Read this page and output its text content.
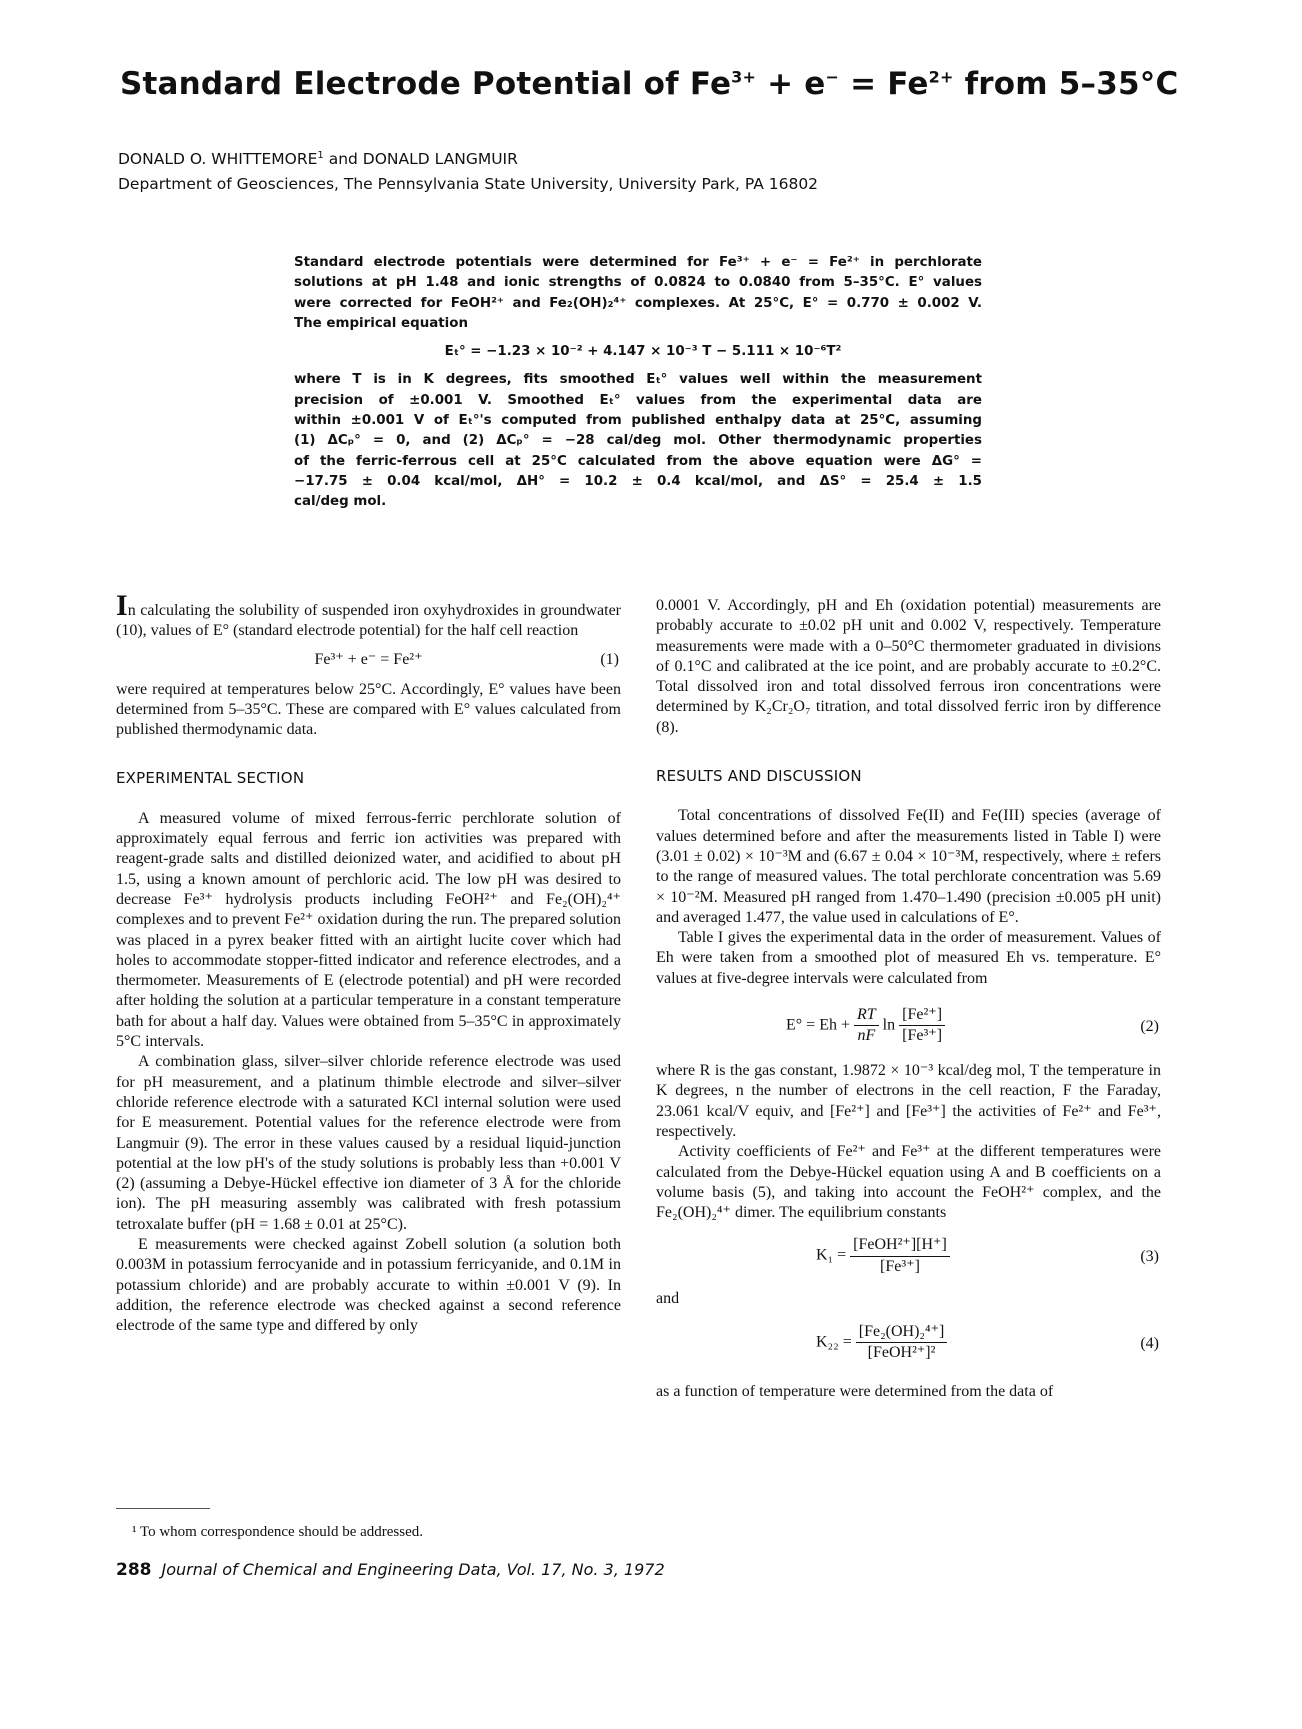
Standard Electrode Potential of $Fe^{3+} + e^- = Fe^{2+}$ from 5–35°C
DONALD O. WHITTEMORE$^1$ and DONALD LANGMUIR
Department of Geosciences, The Pennsylvania State University, University Park, PA 16802
Standard electrode potentials were determined for Fe³⁺ + e⁻ = Fe²⁺ in perchlorate
solutions at pH 1.48 and ionic strengths of 0.0824 to 0.0840 from 5–35°C. E° values
were corrected for FeOH²⁺ and Fe₂(OH)₂⁴⁺ complexes. At 25°C, E° = 0.770 ± 0.002 V.
The empirical equation
Eₜ° = −1.23 × 10⁻² + 4.147 × 10⁻³ T − 5.111 × 10⁻⁶T²
where T is in K degrees, fits smoothed Eₜ° values well within the measurement
precision of ±0.001 V. Smoothed Eₜ° values from the experimental data are
within ±0.001 V of Eₜ°'s computed from published enthalpy data at 25°C, assuming
(1) ΔCₚ° = 0, and (2) ΔCₚ° = −28 cal/deg mol. Other thermodynamic properties
of the ferric-ferrous cell at 25°C calculated from the above equation were ΔG° =
−17.75 ± 0.04 kcal/mol, ΔH° = 10.2 ± 0.4 kcal/mol, and ΔS° = 25.4 ± 1.5
cal/deg mol.

In calculating the solubility of suspended iron oxyhydroxides in groundwater (10), values of E° (standard electrode potential) for the half cell reaction

Fe³⁺ + e⁻ = Fe²⁺	(1)

were required at temperatures below 25°C. Accordingly, E° values have been determined from 5–35°C. These are compared with E° values calculated from published thermodynamic data.

EXPERIMENTAL SECTION

A measured volume of mixed ferrous-ferric perchlorate solution of approximately equal ferrous and ferric ion activities was prepared with reagent-grade salts and distilled deionized water, and acidified to about pH 1.5, using a known amount of perchloric acid. The low pH was desired to decrease Fe³⁺ hydrolysis products including FeOH²⁺ and Fe₂(OH)₂⁴⁺ complexes and to prevent Fe²⁺ oxidation during the run. The prepared solution was placed in a pyrex beaker fitted with an airtight lucite cover which had holes to accommodate stopper-fitted indicator and reference electrodes, and a thermometer. Measurements of E (electrode potential) and pH were recorded after holding the solution at a particular temperature in a constant temperature bath for about a half day. Values were obtained from 5–35°C in approximately 5°C intervals.

A combination glass, silver–silver chloride reference electrode was used for pH measurement, and a platinum thimble electrode and silver–silver chloride reference electrode with a saturated KCl internal solution were used for E measurement. Potential values for the reference electrode were from Langmuir (9). The error in these values caused by a residual liquid-junction potential at the low pH's of the study solutions is probably less than +0.001 V (2) (assuming a Debye-Hückel effective ion diameter of 3 Å for the chloride ion). The pH measuring assembly was calibrated with fresh potassium tetroxalate buffer (pH = 1.68 ± 0.01 at 25°C).

E measurements were checked against Zobell solution (a solution both 0.003M in potassium ferrocyanide and in potassium ferricyanide, and 0.1M in potassium chloride) and are probably accurate to within ±0.001 V (9). In addition, the reference electrode was checked against a second reference electrode of the same type and differed by only

¹ To whom correspondence should be addressed.

0.0001 V. Accordingly, pH and Eh (oxidation potential) measurements are probably accurate to ±0.02 pH unit and 0.002 V, respectively. Temperature measurements were made with a 0–50°C thermometer graduated in divisions of 0.1°C and calibrated at the ice point, and are probably accurate to ±0.2°C. Total dissolved iron and total dissolved ferrous iron concentrations were determined by K₂Cr₂O₇ titration, and total dissolved ferric iron by difference (8).

RESULTS AND DISCUSSION

Total concentrations of dissolved Fe(II) and Fe(III) species (average of values determined before and after the measurements listed in Table I) were (3.01 ± 0.02) × 10⁻³M and (6.67 ± 0.04 × 10⁻³M, respectively, where ± refers to the range of measured values. The total perchlorate concentration was 5.69 × 10⁻²M. Measured pH ranged from 1.470–1.490 (precision ±0.005 pH unit) and averaged 1.477, the value used in calculations of E°.

Table I gives the experimental data in the order of measurement. Values of Eh were taken from a smoothed plot of measured Eh vs. temperature. E° values at five-degree intervals were calculated from

$E^\circ = Eh + \frac{RT}{nF}$ $\ln \frac{\text{[Fe²⁺]}}{\text{[Fe³⁺]}}$	(2)

where R is the gas constant, 1.9872 × 10⁻³ kcal/deg mol, T the temperature in K degrees, n the number of electrons in the cell reaction, F the Faraday, 23.061 kcal/V equiv, and [Fe²⁺] and [Fe³⁺] the activities of Fe²⁺ and Fe³⁺, respectively.

Activity coefficients of Fe²⁺ and Fe³⁺ at the different temperatures were calculated from the Debye-Hückel equation using A and B coefficients on a volume basis (5), and taking into account the FeOH²⁺ complex, and the Fe₂(OH)₂⁴⁺ dimer. The equilibrium constants

$K_1 = \frac{\text{[FeOH²⁺][H⁺]}}{\text{[Fe³⁺]}}$	(3)

and

$K_{22} = \frac{\text{[Fe₂(OH)₂⁴⁺]}}{\text{[FeOH²⁺]²}}$	(4)

as a function of temperature were determined from the data of

288 Journal of Chemical and Engineering Data, Vol. 17, No. 3, 1972
